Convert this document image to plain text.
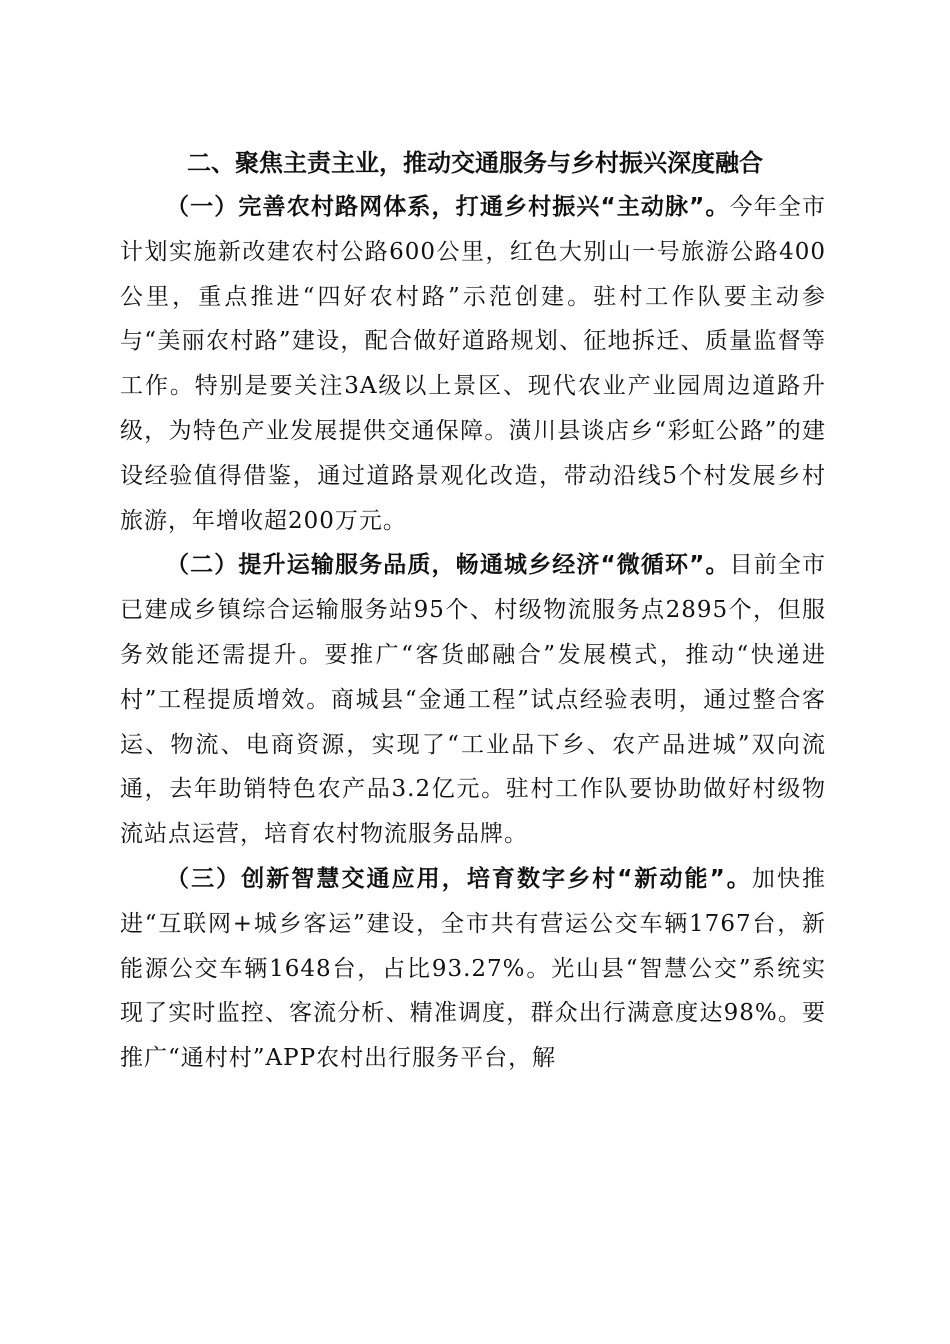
二、聚焦主责主业，推动交通服务与乡村振兴深度融合

（一）完善农村路网体系，打通乡村振兴“主动脉”。今年全市计划实施新改建农村公路600公里，红色大别山一号旅游公路400公里，重点推进“四好农村路”示范创建。驻村工作队要主动参与“美丽农村路”建设，配合做好道路规划、征地拆迁、质量监督等工作。特别是要关注3A级以上景区、现代农业产业园周边道路升级，为特色产业发展提供交通保障。潢川县谈店乡“彩虹公路”的建设经验值得借鉴，通过道路景观化改造，带动沿线5个村发展乡村旅游，年增收超200万元。

（二）提升运输服务品质，畅通城乡经济“微循环”。目前全市已建成乡镇综合运输服务站95个、村级物流服务点2895个，但服务效能还需提升。要推广“客货邮融合”发展模式，推动“快递进村”工程提质增效。商城县“金通工程”试点经验表明，通过整合客运、物流、电商资源，实现了“工业品下乡、农产品进城”双向流通，去年助销特色农产品3.2亿元。驻村工作队要协助做好村级物流站点运营，培育农村物流服务品牌。

（三）创新智慧交通应用，培育数字乡村“新动能”。加快推进“互联网+城乡客运”建设，全市共有营运公交车辆1767台，新能源公交车辆1648台，占比93.27%。光山县“智慧公交”系统实现了实时监控、客流分析、精准调度，群众出行满意度达98%。要推广“通村村”APP农村出行服务平台，解
